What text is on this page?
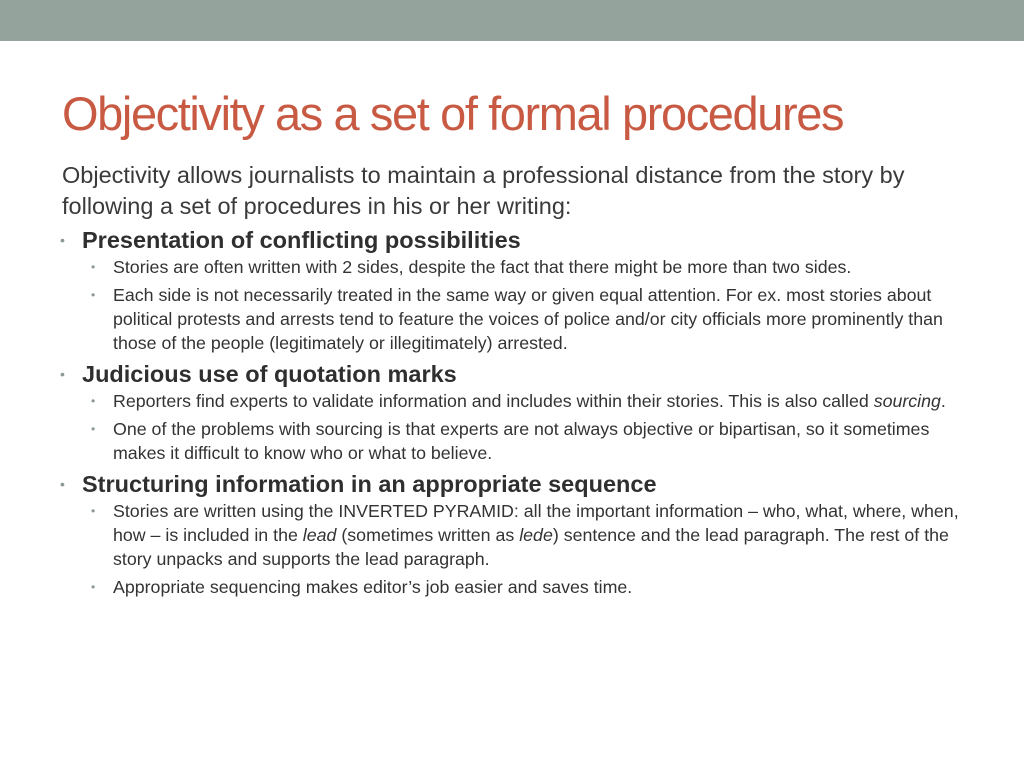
Objectivity as a set of formal procedures

Objectivity allows journalists to maintain a professional distance from the story by following a set of procedures in his or her writing:

• Presentation of conflicting possibilities

• Stories are often written with 2 sides, despite the fact that there might be more than two sides.

• Each side is not necessarily treated in the same way or given equal attention. For ex. most stories about political protests and arrests tend to feature the voices of police and/or city officials more prominently than those of the people (legitimately or illegitimately) arrested.

• Judicious use of quotation marks

• Reporters find experts to validate information and includes within their stories. This is also called sourcing.

• One of the problems with sourcing is that experts are not always objective or bipartisan, so it sometimes makes it difficult to know who or what to believe.

• Structuring information in an appropriate sequence

• Stories are written using the INVERTED PYRAMID: all the important information – who, what, where, when, how – is included in the lead (sometimes written as lede) sentence and the lead paragraph. The rest of the story unpacks and supports the lead paragraph.

• Appropriate sequencing makes editor’s job easier and saves time.
